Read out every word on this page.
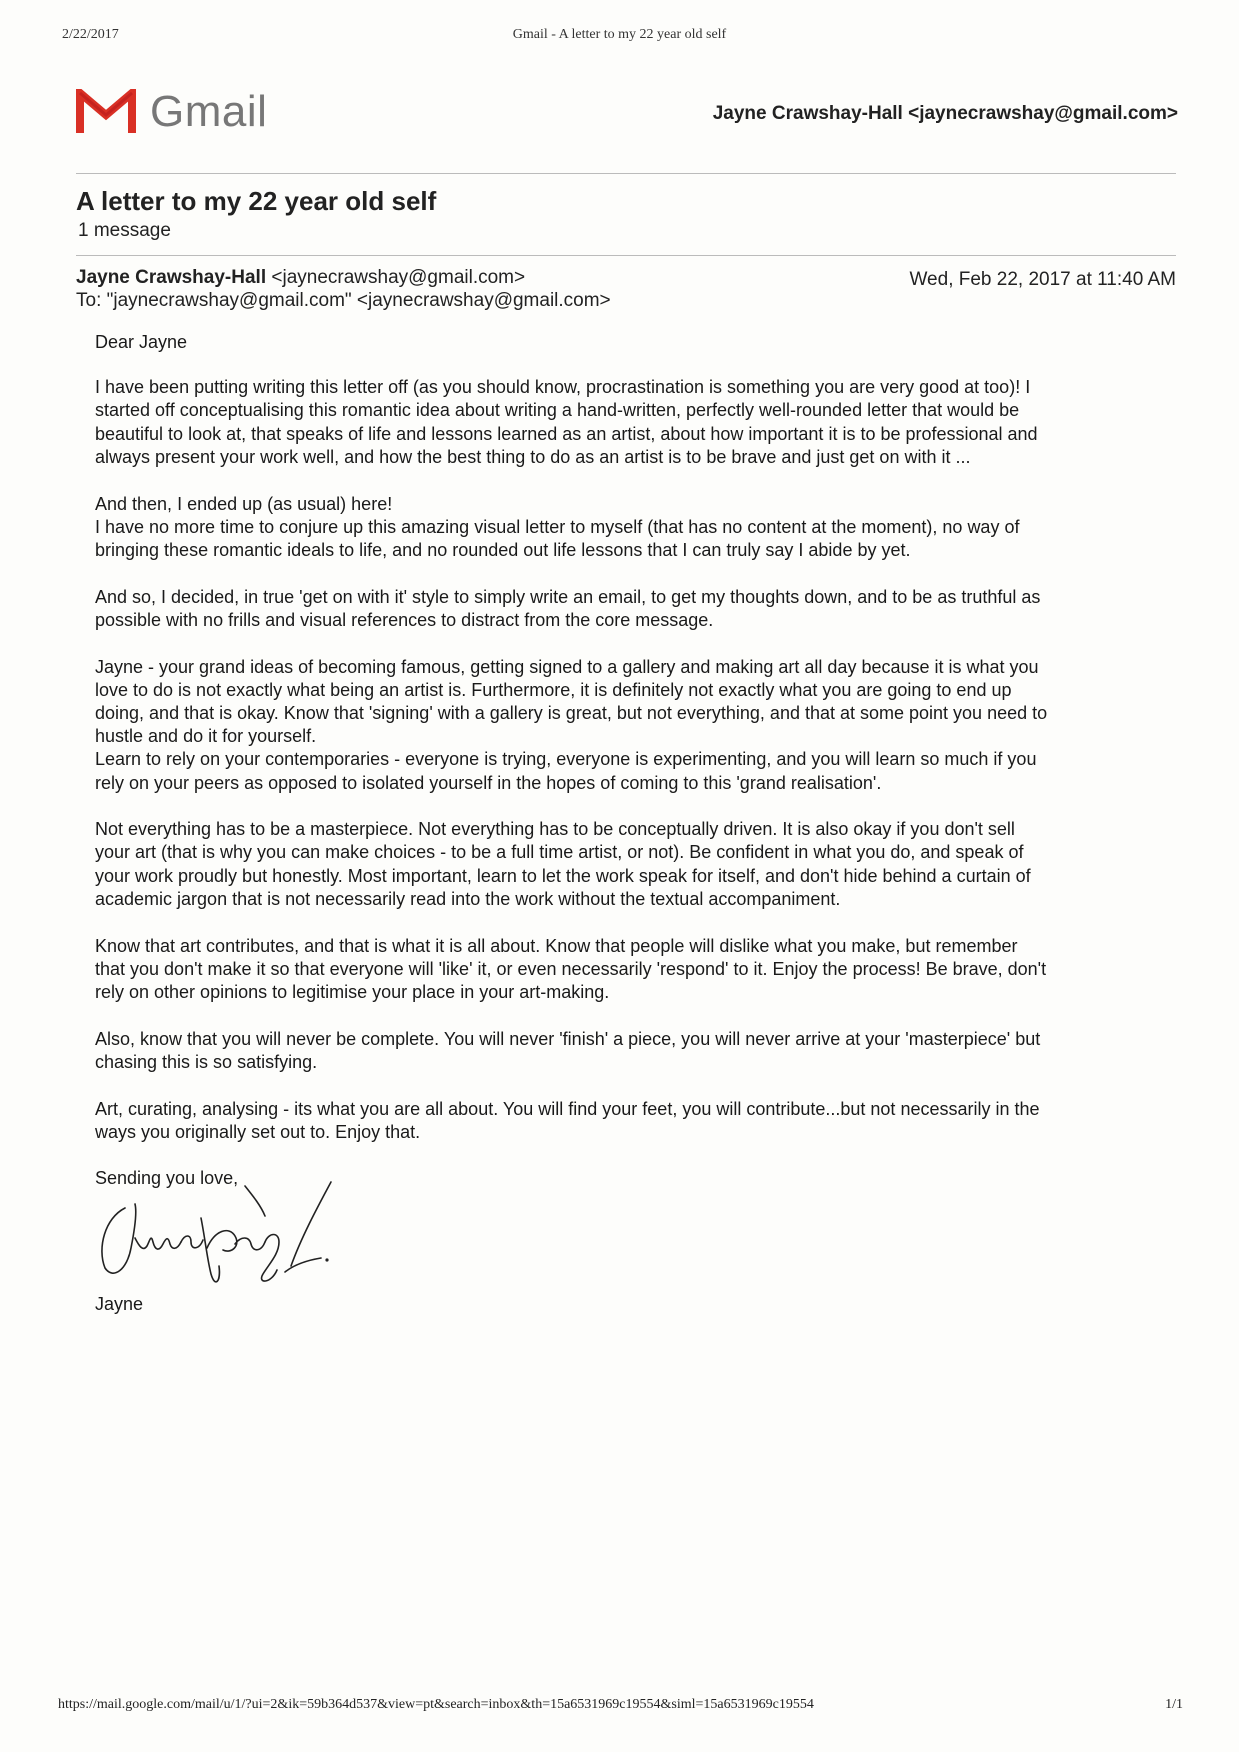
2/22/2017	Gmail - A letter to my 22 year old self
Gmail	Jayne Crawshay-Hall <jaynecrawshay@gmail.com>
A letter to my 22 year old self
1 message
Jayne Crawshay-Hall <jaynecrawshay@gmail.com>
To: "jaynecrawshay@gmail.com" <jaynecrawshay@gmail.com>
Wed, Feb 22, 2017 at 11:40 AM

Dear Jayne

I have been putting writing this letter off (as you should know, procrastination is something you are very good at too)! I
started off conceptualising this romantic idea about writing a hand-written, perfectly well-rounded letter that would be
beautiful to look at, that speaks of life and lessons learned as an artist, about how important it is to be professional and
always present your work well, and how the best thing to do as an artist is to be brave and just get on with it ...

And then, I ended up (as usual) here!
I have no more time to conjure up this amazing visual letter to myself (that has no content at the moment), no way of
bringing these romantic ideals to life, and no rounded out life lessons that I can truly say I abide by yet.

And so, I decided, in true 'get on with it' style to simply write an email, to get my thoughts down, and to be as truthful as
possible with no frills and visual references to distract from the core message.

Jayne - your grand ideas of becoming famous, getting signed to a gallery and making art all day because it is what you
love to do is not exactly what being an artist is. Furthermore, it is definitely not exactly what you are going to end up
doing, and that is okay. Know that 'signing' with a gallery is great, but not everything, and that at some point you need to
hustle and do it for yourself.
Learn to rely on your contemporaries - everyone is trying, everyone is experimenting, and you will learn so much if you
rely on your peers as opposed to isolated yourself in the hopes of coming to this 'grand realisation'.

Not everything has to be a masterpiece. Not everything has to be conceptually driven. It is also okay if you don't sell
your art (that is why you can make choices - to be a full time artist, or not). Be confident in what you do, and speak of
your work proudly but honestly. Most important, learn to let the work speak for itself, and don't hide behind a curtain of
academic jargon that is not necessarily read into the work without the textual accompaniment.

Know that art contributes, and that is what it is all about. Know that people will dislike what you make, but remember
that you don't make it so that everyone will 'like' it, or even necessarily 'respond' to it. Enjoy the process! Be brave, don't
rely on other opinions to legitimise your place in your art-making.

Also, know that you will never be complete. You will never 'finish' a piece, you will never arrive at your 'masterpiece' but
chasing this is so satisfying.

Art, curating, analysing - its what you are all about. You will find your feet, you will contribute...but not necessarily in the
ways you originally set out to. Enjoy that.

Sending you love,

Jayne
https://mail.google.com/mail/u/1/?ui=2&ik=59b364d537&view=pt&search=inbox&th=15a6531969c19554&siml=15a6531969c19554	1/1
